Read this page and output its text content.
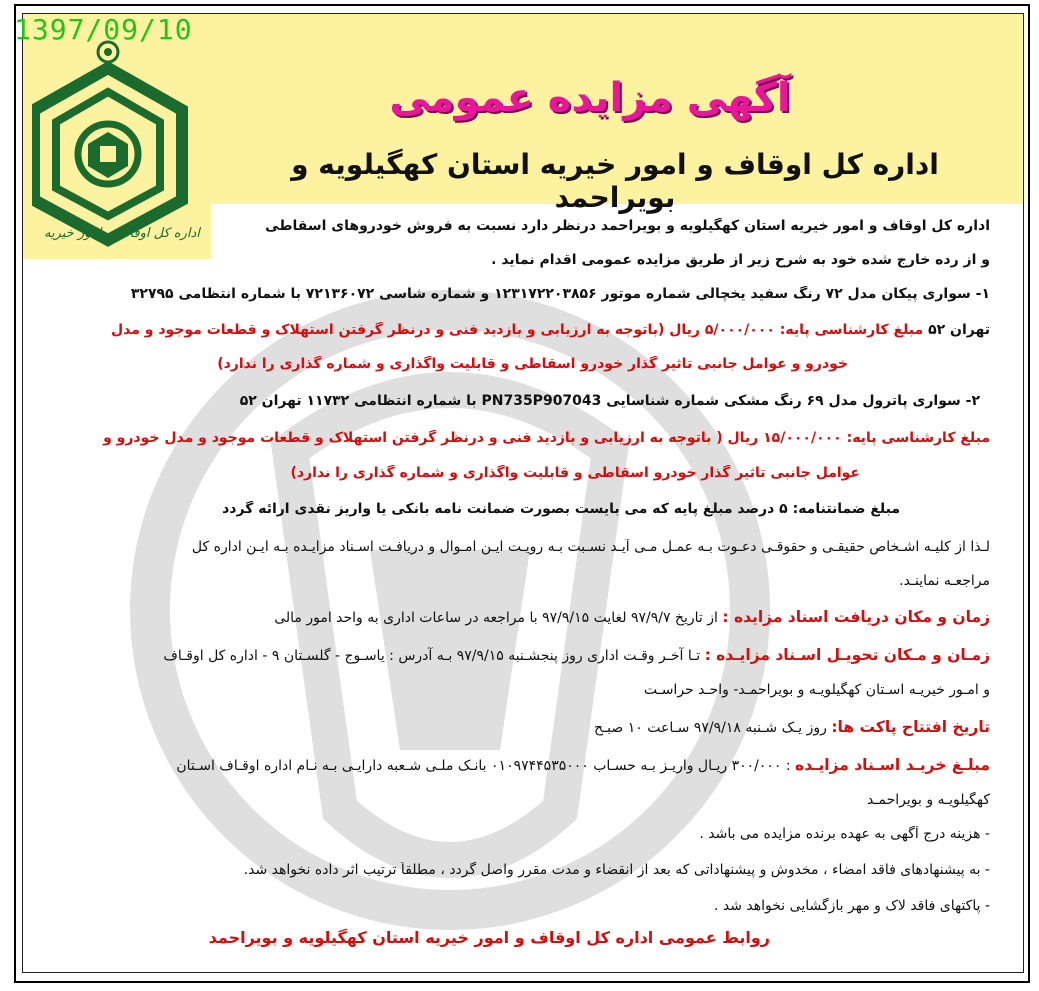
1397/09/10
اداره کل اوقاف و امور خیریه
آگهی مزایده عمومی
اداره کل اوقاف و امور خیریه استان کهگیلویه و بویراحمد
اداره کل اوقاف و امور خیریه استان کهگیلویه و بویراحمد درنظر دارد نسبت به فروش خودروهای اسقاطی
و از رده خارج شده خود به شرح زیر از طریق مزایده عمومی اقدام نماید .
۱- سواری پیکان مدل ۷۲ رنگ سفید یخچالی شماره موتور ۱۲۳۱۷۲۲۰۳۸۵۶ و شماره شاسی ۷۲۱۳۶۰۷۲ با شماره انتظامی ۳۲۷۹۵
تهران ۵۲ مبلغ کارشناسی پایه: ۵/۰۰۰/۰۰۰ ریال (باتوجه به ارزیابی و بازدید فنی و درنظر گرفتن استهلاک و قطعات موجود و مدل
خودرو و عوامل جانبی تاثیر گذار خودرو اسقاطی و قابلیت واگذاری و شماره گذاری را ندارد)
۲- سواری پاترول مدل ۶۹ رنگ مشکی شماره شناسایی PN735P907043 با شماره انتظامی ۱۱۷۳۲ تهران ۵۲
مبلغ کارشناسی پایه: ۱۵/۰۰۰/۰۰۰ ریال ( باتوجه به ارزیابی و بازدید فنی و درنظر گرفتن استهلاک و قطعات موجود و مدل خودرو و
عوامل جانبی تاثیر گذار خودرو اسقاطی و قابلیت واگذاری و شماره گذاری را ندارد)
مبلغ ضمانتنامه: ۵ درصد مبلغ پایه که می بایست بصورت ضمانت نامه بانکی یا واریز نقدی ارائه گردد
لـذا از کلیـه اشـخاص حقیقـی و حقوقـی دعـوت بـه عمـل مـی آیـد نسـبت بـه رویـت ایـن امـوال و دریافـت اسـناد مزایـده بـه ایـن اداره کل
مراجعـه نماینـد.
زمان و مکان دریافت اسناد مزایده : از تاریخ ۹۷/۹/۷ لغایت ۹۷/۹/۱۵ با مراجعه در ساعات اداری به واحد امور مالی
زمـان و مـکان تحویـل اسـناد مزایـده : تـا آخـر وقـت اداری روز پنجشـنبه ۹۷/۹/۱۵ بـه آدرس : یاسـوج - گلسـتان ۹ - اداره کل اوقـاف
و امـور خیریـه اسـتان کهگیلویـه و بویراحمـد- واحـد حراسـت
تاریخ افتتاح پاکت ها: روز یـک شـنبه ۹۷/۹/۱۸ سـاعت ۱۰ صبـح
مبلـغ خریـد اسـناد مزایـده : ۳۰۰/۰۰۰ ریـال واریـز بـه حسـاب ۰۱۰۹۷۴۴۵۳۵۰۰۰ بانـک ملـی شـعبه دارایـی بـه نـام اداره اوقـاف اسـتان
کهگیلویـه و بویراحمـد
- هزینه درج آگهی به عهده برنده مزایده می باشد .
- به پیشنهادهای فاقد امضاء ، مخدوش و پیشنهاداتی که بعد از انقضاء و مدت مقرر واصل گردد ، مطلقاً ترتیب اثر داده نخواهد شد.
- پاکتهای فاقد لاک و مهر بازگشایی نخواهد شد .
روابط عمومی اداره کل اوقاف و امور خیریه استان کهگیلویه و بویراحمد
